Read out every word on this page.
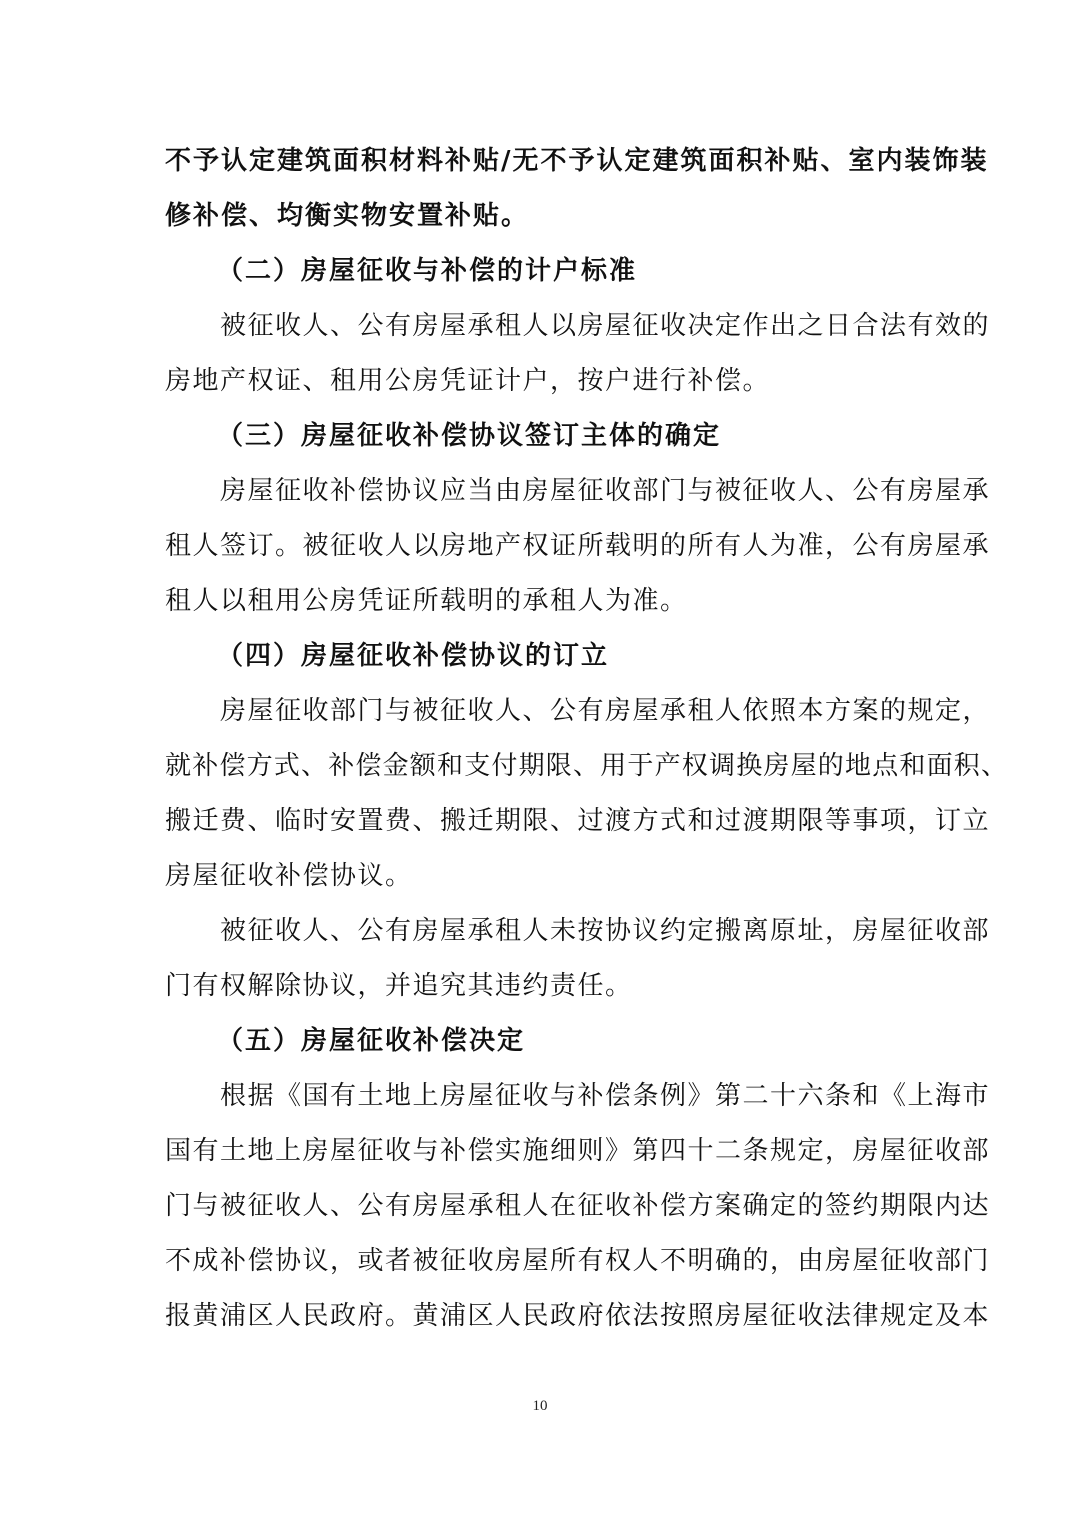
不予认定建筑面积材料补贴/无不予认定建筑面积补贴、室内装饰装
修补偿、均衡实物安置补贴。
（二）房屋征收与补偿的计户标准
　　被征收人、公有房屋承租人以房屋征收决定作出之日合法有效的
房地产权证、租用公房凭证计户，按户进行补偿。
（三）房屋征收补偿协议签订主体的确定
　　房屋征收补偿协议应当由房屋征收部门与被征收人、公有房屋承
租人签订。被征收人以房地产权证所载明的所有人为准，公有房屋承
租人以租用公房凭证所载明的承租人为准。
（四）房屋征收补偿协议的订立
　　房屋征收部门与被征收人、公有房屋承租人依照本方案的规定，
就补偿方式、补偿金额和支付期限、用于产权调换房屋的地点和面积、
搬迁费、临时安置费、搬迁期限、过渡方式和过渡期限等事项，订立
房屋征收补偿协议。
　　被征收人、公有房屋承租人未按协议约定搬离原址，房屋征收部
门有权解除协议，并追究其违约责任。
（五）房屋征收补偿决定
　　根据《国有土地上房屋征收与补偿条例》第二十六条和《上海市
国有土地上房屋征收与补偿实施细则》第四十二条规定，房屋征收部
门与被征收人、公有房屋承租人在征收补偿方案确定的签约期限内达
不成补偿协议，或者被征收房屋所有权人不明确的，由房屋征收部门
报黄浦区人民政府。黄浦区人民政府依法按照房屋征收法律规定及本
10
